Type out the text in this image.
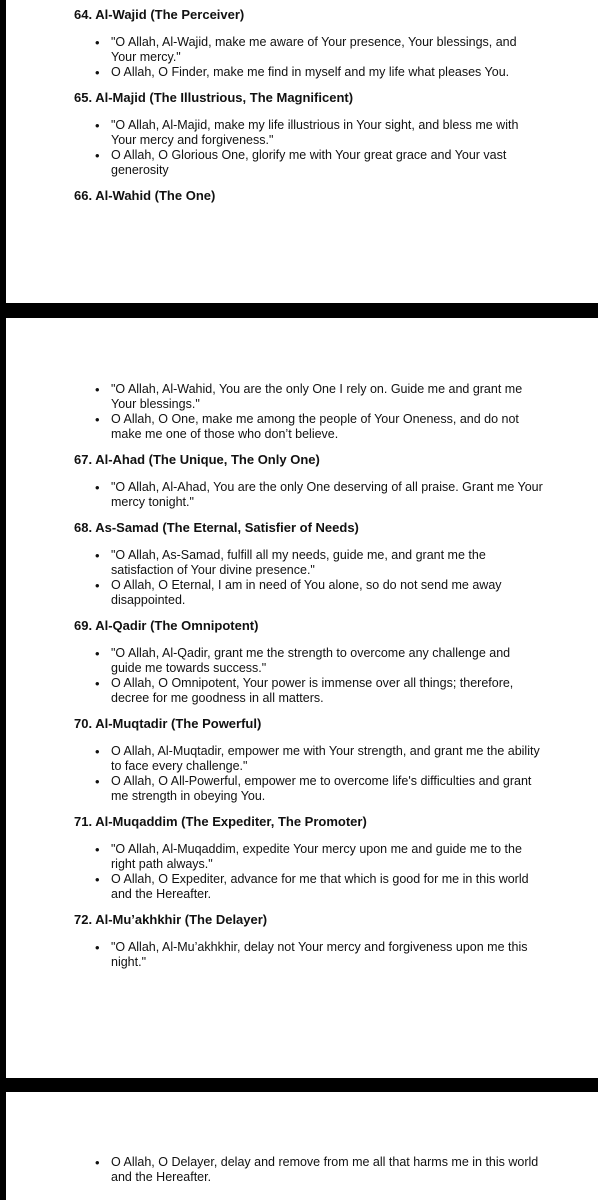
64. Al-Wajid (The Perceiver)
• "O Allah, Al-Wajid, make me aware of Your presence, Your blessings, and Your mercy."
• O Allah, O Finder, make me find in myself and my life what pleases You.
65. Al-Majid (The Illustrious, The Magnificent)
• "O Allah, Al-Majid, make my life illustrious in Your sight, and bless me with Your mercy and forgiveness."
• O Allah, O Glorious One, glorify me with Your great grace and Your vast generosity
66. Al-Wahid (The One)
• "O Allah, Al-Wahid, You are the only One I rely on. Guide me and grant me Your blessings."
• O Allah, O One, make me among the people of Your Oneness, and do not make me one of those who don’t believe.
67. Al-Ahad (The Unique, The Only One)
• "O Allah, Al-Ahad, You are the only One deserving of all praise. Grant me Your mercy tonight."
68. As-Samad (The Eternal, Satisfier of Needs)
• "O Allah, As-Samad, fulfill all my needs, guide me, and grant me the satisfaction of Your divine presence."
• O Allah, O Eternal, I am in need of You alone, so do not send me away disappointed.
69. Al-Qadir (The Omnipotent)
• "O Allah, Al-Qadir, grant me the strength to overcome any challenge and guide me towards success."
• O Allah, O Omnipotent, Your power is immense over all things; therefore, decree for me goodness in all matters.
70. Al-Muqtadir (The Powerful)
• O Allah, Al-Muqtadir, empower me with Your strength, and grant me the ability to face every challenge."
• O Allah, O All-Powerful, empower me to overcome life's difficulties and grant me strength in obeying You.
71. Al-Muqaddim (The Expediter, The Promoter)
• "O Allah, Al-Muqaddim, expedite Your mercy upon me and guide me to the right path always."
• O Allah, O Expediter, advance for me that which is good for me in this world and the Hereafter.
72. Al-Mu’akhkhir (The Delayer)
• "O Allah, Al-Mu’akhkhir, delay not Your mercy and forgiveness upon me this night."
• O Allah, O Delayer, delay and remove from me all that harms me in this world and the Hereafter.
